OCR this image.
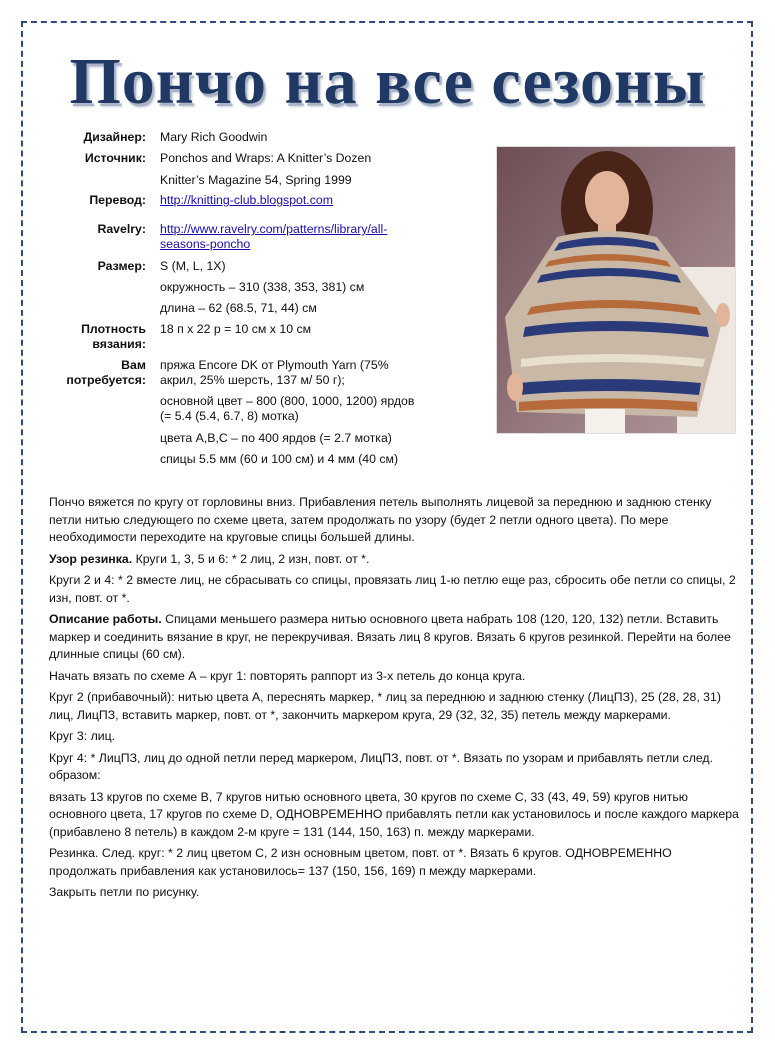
Пончо на все сезоны
Дизайнер: Mary Rich Goodwin
Источник: Ponchos and Wraps: A Knitter’s Dozen
Knitter’s Magazine 54, Spring 1999
Перевод: http://knitting-club.blogspot.com
Ravelry: http://www.ravelry.com/patterns/library/all-
seasons-poncho
Размер: S (M, L, 1X)
окружность – 310 (338, 353, 381) см
длина – 62 (68.5, 71, 44) см
Плотность
вязания:
18 п х 22 р = 10 см х 10 см
Вам
потребуется:
пряжа Encore DK от Plymouth Yarn (75%
акрил, 25% шерсть, 137 м/ 50 г);
основной цвет – 800 (800, 1000, 1200) ярдов
(= 5.4 (5.4, 6.7, 8) мотка)
цвета A,B,C – по 400 ярдов (= 2.7 мотка)
спицы 5.5 мм (60 и 100 см) и 4 мм (40 см)

Пончо вяжется по кругу от горловины вниз. Прибавления петель выполнять лицевой за переднюю и заднюю стенку петли нитью следующего по схеме цвета, затем продолжать по узору (будет 2 петли одного цвета). По мере необходимости переходите на круговые спицы большей длины.

Узор резинка. Круги 1, 3, 5 и 6: * 2 лиц, 2 изн, повт. от *.

Круги 2 и 4: * 2 вместе лиц, не сбрасывать со спицы, провязать лиц 1-ю петлю еще раз, сбросить обе петли со спицы, 2 изн, повт. от *.

Описание работы. Спицами меньшего размера нитью основного цвета набрать 108 (120, 120, 132) петли. Вставить маркер и соединить вязание в круг, не перекручивая. Вязать лиц 8 кругов. Вязать 6 кругов резинкой. Перейти на более длинные спицы (60 см).

Начать вязать по схеме А – круг 1: повторять раппорт из 3-х петель до конца круга.

Круг 2 (прибавочный): нитью цвета А, переснять маркер, * лиц за переднюю и заднюю стенку (ЛицПЗ), 25 (28, 28, 31) лиц, ЛицПЗ, вставить маркер, повт. от *, закончить маркером круга, 29 (32, 32, 35) петель между маркерами.

Круг 3: лиц.

Круг 4: * ЛицПЗ, лиц до одной петли перед маркером, ЛицПЗ, повт. от *. Вязать по узорам и прибавлять петли след. образом:

вязать 13 кругов по схеме В, 7 кругов нитью основного цвета, 30 кругов по схеме С, 33 (43, 49, 59) кругов нитью основного цвета, 17 кругов по схеме D, ОДНОВРЕМЕННО прибавлять петли как установилось и после каждого маркера (прибавлено 8 петель) в каждом 2-м круге = 131 (144, 150, 163) п. между маркерами.

Резинка. След. круг: * 2 лиц цветом С, 2 изн основным цветом, повт. от *. Вязать 6 кругов. ОДНОВРЕМЕННО продолжать прибавления как установилось= 137 (150, 156, 169) п между маркерами.

Закрыть петли по рисунку.
